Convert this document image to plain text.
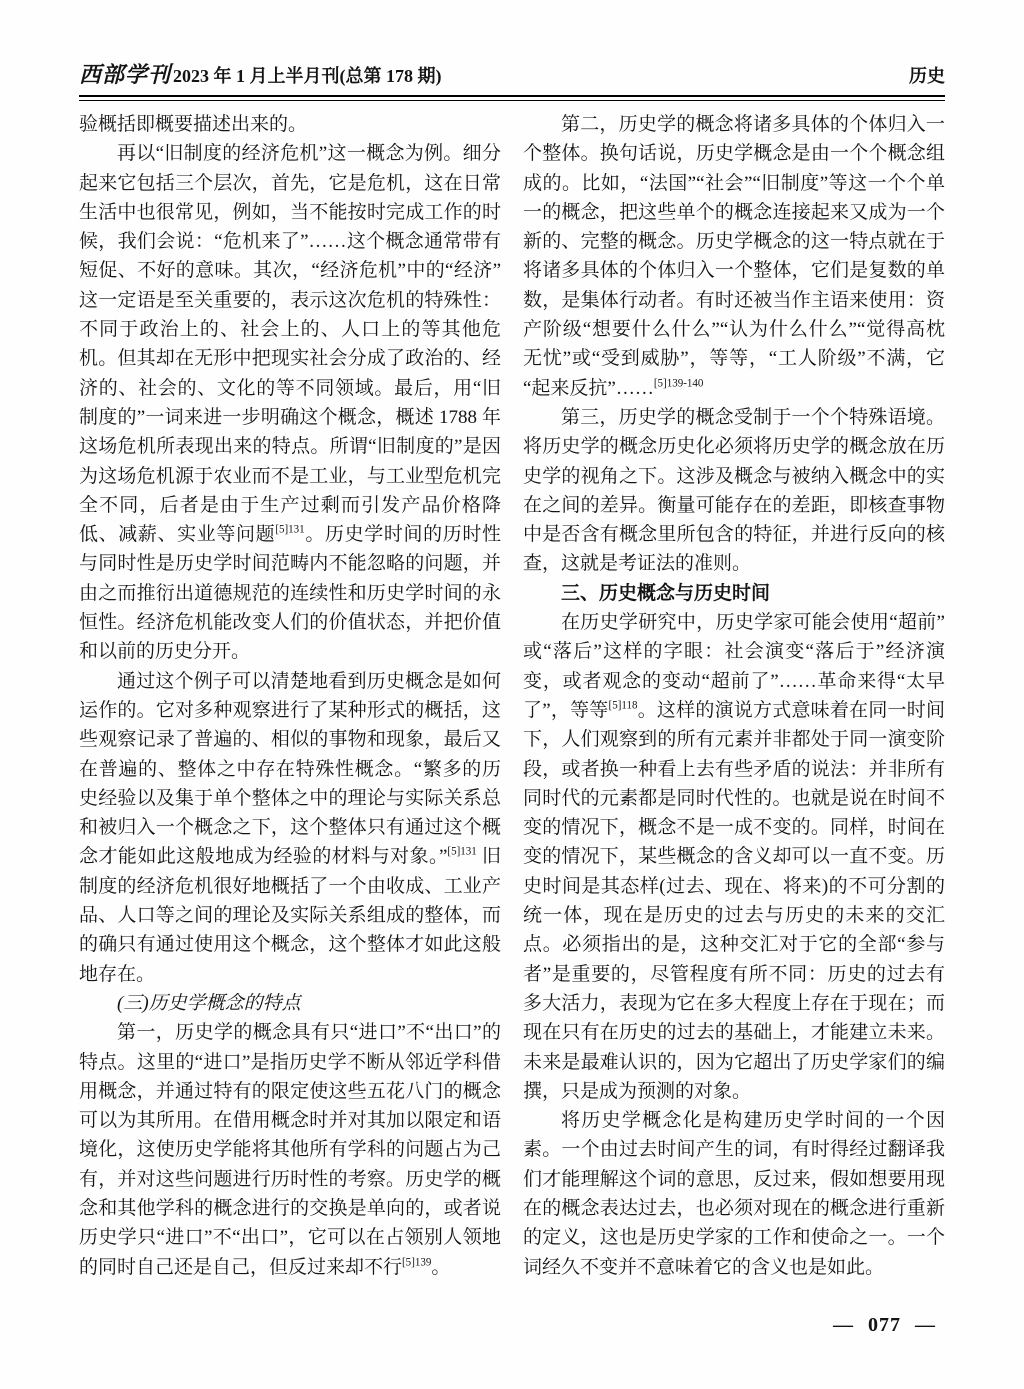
西部学刊 2023 年 1 月上半月刊(总第 178 期)	历史

验概括即概要描述出来的。

再以“旧制度的经济危机”这一概念为例。细分起来它包括三个层次，首先，它是危机，这在日常生活中也很常见，例如，当不能按时完成工作的时候，我们会说：“危机来了”……这个概念通常带有短促、不好的意味。其次，“经济危机”中的“经济”这一定语是至关重要的，表示这次危机的特殊性：不同于政治上的、社会上的、人口上的等其他危机。但其却在无形中把现实社会分成了政治的、经济的、社会的、文化的等不同领域。最后，用“旧制度的”一词来进一步明确这个概念，概述 1788 年这场危机所表现出来的特点。所谓“旧制度的”是因为这场危机源于农业而不是工业，与工业型危机完全不同，后者是由于生产过剩而引发产品价格降低、减薪、实业等问题$^{[5]131}$。历史学时间的历时性与同时性是历史学时间范畴内不能忽略的问题，并由之而推衍出道德规范的连续性和历史学时间的永恒性。经济危机能改变人们的价值状态，并把价值和以前的历史分开。

通过这个例子可以清楚地看到历史概念是如何运作的。它对多种观察进行了某种形式的概括，这些观察记录了普遍的、相似的事物和现象，最后又在普遍的、整体之中存在特殊性概念。“繁多的历史经验以及集于单个整体之中的理论与实际关系总和被归入一个概念之下，这个整体只有通过这个概念才能如此这般地成为经验的材料与对象。”$^{[5]131}$ 旧制度的经济危机很好地概括了一个由收成、工业产品、人口等之间的理论及实际关系组成的整体，而的确只有通过使用这个概念，这个整体才如此这般地存在。

(三)历史学概念的特点

第一，历史学的概念具有只“进口”不“出口”的特点。这里的“进口”是指历史学不断从邻近学科借用概念，并通过特有的限定使这些五花八门的概念可以为其所用。在借用概念时并对其加以限定和语境化，这使历史学能将其他所有学科的问题占为己有，并对这些问题进行历时性的考察。历史学的概念和其他学科的概念进行的交换是单向的，或者说历史学只“进口”不“出口”，它可以在占领别人领地的同时自己还是自己，但反过来却不行$^{[5]139}$。

第二，历史学的概念将诸多具体的个体归入一个整体。换句话说，历史学概念是由一个个概念组成的。比如，“法国”“社会”“旧制度”等这一个个单一的概念，把这些单个的概念连接起来又成为一个新的、完整的概念。历史学概念的这一特点就在于将诸多具体的个体归入一个整体，它们是复数的单数，是集体行动者。有时还被当作主语来使用：资产阶级“想要什么什么”“认为什么什么”“觉得高枕无忧”或“受到威胁”，等等，“工人阶级”不满，它“起来反抗”……$^{[5]139-140}$

第三，历史学的概念受制于一个个特殊语境。将历史学的概念历史化必须将历史学的概念放在历史学的视角之下。这涉及概念与被纳入概念中的实在之间的差异。衡量可能存在的差距，即核查事物中是否含有概念里所包含的特征，并进行反向的核查，这就是考证法的准则。

三、历史概念与历史时间

在历史学研究中，历史学家可能会使用“超前”或“落后”这样的字眼：社会演变“落后于”经济演变，或者观念的变动“超前了”……革命来得“太早了”，等等$^{[5]118}$。这样的演说方式意味着在同一时间下，人们观察到的所有元素并非都处于同一演变阶段，或者换一种看上去有些矛盾的说法：并非所有同时代的元素都是同时代性的。也就是说在时间不变的情况下，概念不是一成不变的。同样，时间在变的情况下，某些概念的含义却可以一直不变。历史时间是其态样(过去、现在、将来)的不可分割的统一体，现在是历史的过去与历史的未来的交汇点。必须指出的是，这种交汇对于它的全部“参与者”是重要的，尽管程度有所不同：历史的过去有多大活力，表现为它在多大程度上存在于现在；而现在只有在历史的过去的基础上，才能建立未来。未来是最难认识的，因为它超出了历史学家们的编撰，只是成为预测的对象。

将历史学概念化是构建历史学时间的一个因素。一个由过去时间产生的词，有时得经过翻译我们才能理解这个词的意思，反过来，假如想要用现在的概念表达过去，也必须对现在的概念进行重新的定义，这也是历史学家的工作和使命之一。一个词经久不变并不意味着它的含义也是如此。

— 077 —
